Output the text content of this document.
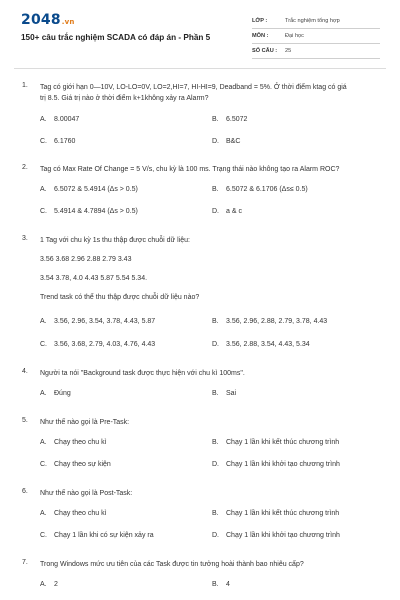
2048.vn
150+ câu trắc nghiệm SCADA có đáp án - Phần 5
LỚP :	Trắc nghiệm tổng hợp
MÔN :	Đại học
SỐ CÂU : 25
1. Tag có giới hạn 0—10V, LO-LO=0V, LO=2,HI=7, HI-HI=9, Deadband = 5%. Ở thời điểm ktag có giá
trị 8.5. Giá trị nào ở thời điểm k+1không xảy ra Alarm?
A. 8.00047	B. 6.5072
C. 6.1760	D. B&C
2. Tag có Max Rate Of Change = 5 V/s, chu kỳ là 100 ms. Trạng thái nào không tạo ra Alarm ROC?
A. 6.5072 & 5.4914 (Δs > 0.5)	B. 6.5072 & 6.1706 (Δs≤ 0.5)
C. 5.4914 & 4.7894 (Δs > 0.5)	D. a & c
3. 1 Tag với chu kỳ 1s thu thập được chuỗi dữ liệu:
3.56 3.68 2.96 2.88 2.79 3.43
3.54 3.78, 4.0 4.43 5.87 5.54 5.34.
Trend task có thể thu thập được chuỗi dữ liệu nào?
A. 3.56, 2.96, 3.54, 3.78, 4.43, 5.87	B. 3.56, 2.96, 2.88, 2.79, 3.78, 4.43
C. 3.56, 3.68, 2.79, 4.03, 4.76, 4.43	D. 3.56, 2.88, 3.54, 4.43, 5.34
4. Người ta nói "Background task được thực hiện với chu kì 100ms".
A. Đúng	B. Sai
5. Như thế nào gọi là Pre-Task:
A. Chạy theo chu kì	B. Chạy 1 lần khi kết thúc chương trình
C. Chạy theo sự kiện	D. Chạy 1 lần khi khởi tạo chương trình
6. Như thế nào gọi là Post-Task:
A. Chạy theo chu kì	B. Chạy 1 lần khi kết thúc chương trình
C. Chạy 1 lần khi có sự kiện xảy ra	D. Chạy 1 lần khi khởi tạo chương trình
7. Trong Windows mức ưu tiên của các Task được tin tưởng hoài thành bao nhiêu cấp?
A. 2	B. 4
